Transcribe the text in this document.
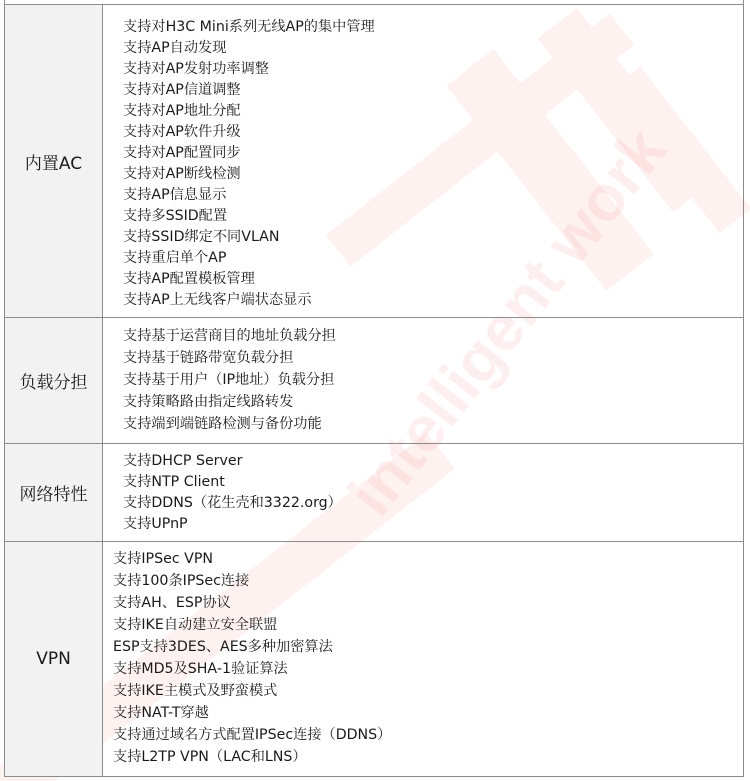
intelligent work
内置AC
支持对H3C Mini系列无线AP的集中管理
支持AP自动发现
支持对AP发射功率调整
支持对AP信道调整
支持对AP地址分配
支持对AP软件升级
支持对AP配置同步
支持对AP断线检测
支持AP信息显示
支持多SSID配置
支持SSID绑定不同VLAN
支持重启单个AP
支持AP配置模板管理
支持AP上无线客户端状态显示
负载分担
支持基于运营商目的地址负载分担
支持基于链路带宽负载分担
支持基于用户（IP地址）负载分担
支持策略路由指定线路转发
支持端到端链路检测与备份功能
网络特性
支持DHCP Server
支持NTP Client
支持DDNS（花生壳和3322.org）
支持UPnP
VPN
支持IPSec VPN
支持100条IPSec连接
支持AH、ESP协议
支持IKE自动建立安全联盟
ESP支持3DES、AES多种加密算法
支持MD5及SHA-1验证算法
支持IKE主模式及野蛮模式
支持NAT-T穿越
支持通过域名方式配置IPSec连接（DDNS）
支持L2TP VPN（LAC和LNS）
